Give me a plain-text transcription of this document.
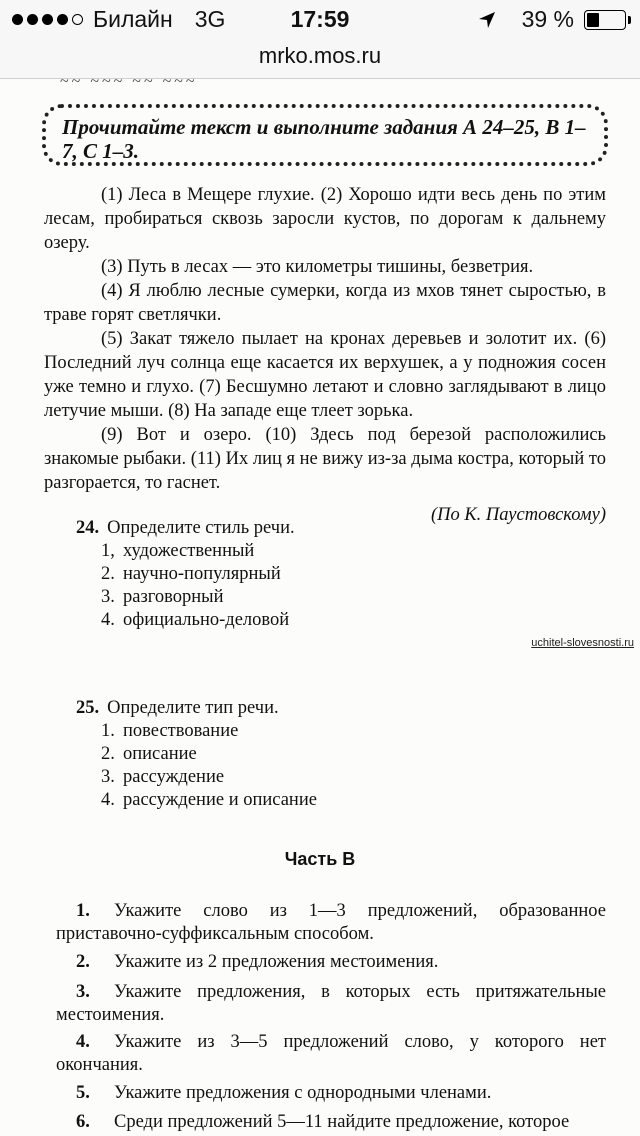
Билайн 3G	17:59	39 %
mrko.mos.ru
~~ ~~~ ~~ ~~~
Прочитайте текст и выполните задания А 24–25, В 1–7, С 1–3.
(1) Леса в Мещере глухие. (2) Хорошо идти весь день по этим лесам, пробираться сквозь заросли кустов, по дорогам к дальнему озеру.
(3) Путь в лесах — это километры тишины, безветрия.
(4) Я люблю лесные сумерки, когда из мхов тянет сыростью, в траве горят светлячки.
(5) Закат тяжело пылает на кронах деревьев и золотит их. (6) Последний луч солнца еще касается их верхушек, а у подножия сосен уже темно и глухо. (7) Бесшумно летают и словно заглядывают в лицо летучие мыши. (8) На западе еще тлеет зорька.
(9) Вот и озеро. (10) Здесь под березой расположились знакомые рыбаки. (11) Их лиц я не вижу из-за дыма костра, который то разгорается, то гаснет.
(По К. Паустовскому)
24. Определите стиль речи.
1, художественный
2. научно-популярный
3. разговорный
4. официально-деловой
uchitel-slovesnosti.ru
25. Определите тип речи.
1. повествование
2. описание
3. рассуждение
4. рассуждение и описание
Часть В
1. Укажите слово из 1—3 предложений, образованное приставочно-суффиксальным способом.
2. Укажите из 2 предложения местоимения.
3. Укажите предложения, в которых есть притяжательные местоимения.
4. Укажите из 3—5 предложений слово, у которого нет окончания.
5. Укажите предложения с однородными членами.
6. Среди предложений 5—11 найдите предложение, которое
